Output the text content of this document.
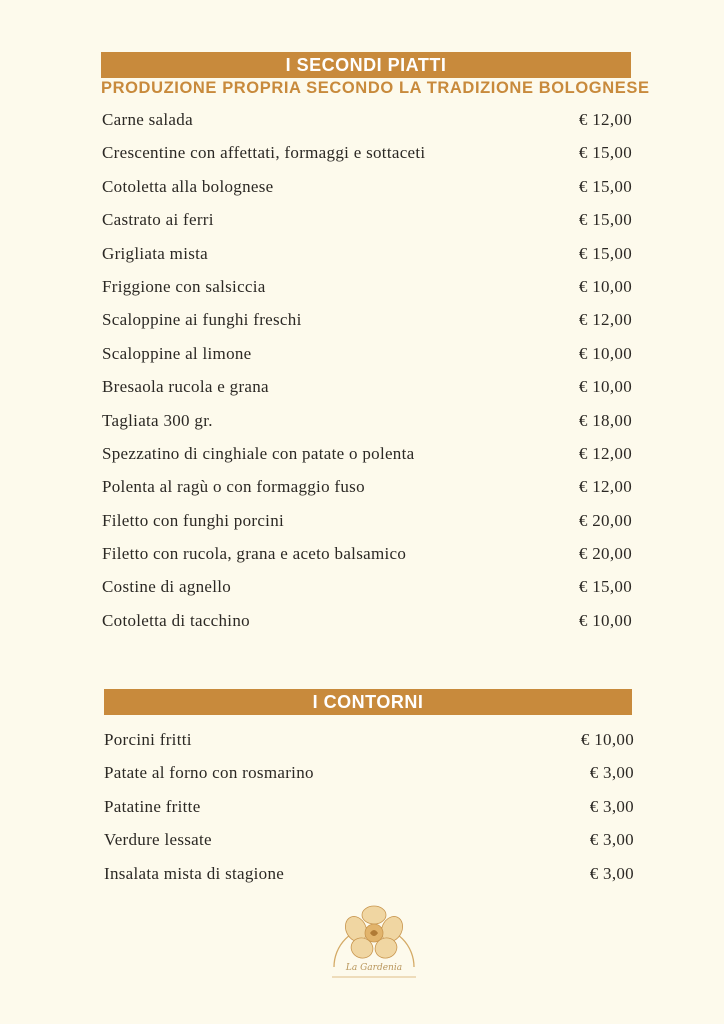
I SECONDI PIATTI
PRODUZIONE PROPRIA SECONDO LA TRADIZIONE BOLOGNESE
Carne salada	€ 12,00
Crescentine con affettati, formaggi e sottaceti	€ 15,00
Cotoletta alla bolognese	€ 15,00
Castrato ai ferri	€ 15,00
Grigliata mista	€ 15,00
Friggione con salsiccia	€ 10,00
Scaloppine ai funghi freschi	€ 12,00
Scaloppine al limone	€ 10,00
Bresaola rucola e grana	€ 10,00
Tagliata 300 gr.	€ 18,00
Spezzatino di cinghiale con patate o polenta	€ 12,00
Polenta al ragù o con formaggio fuso	€ 12,00
Filetto con funghi porcini	€ 20,00
Filetto con rucola, grana e aceto balsamico	€ 20,00
Costine di agnello	€ 15,00
Cotoletta di tacchino	€ 10,00
I CONTORNI
Porcini fritti	€ 10,00
Patate al forno con rosmarino	€ 3,00
Patatine fritte	€ 3,00
Verdure lessate	€ 3,00
Insalata mista di stagione	€ 3,00
La Gardenia
